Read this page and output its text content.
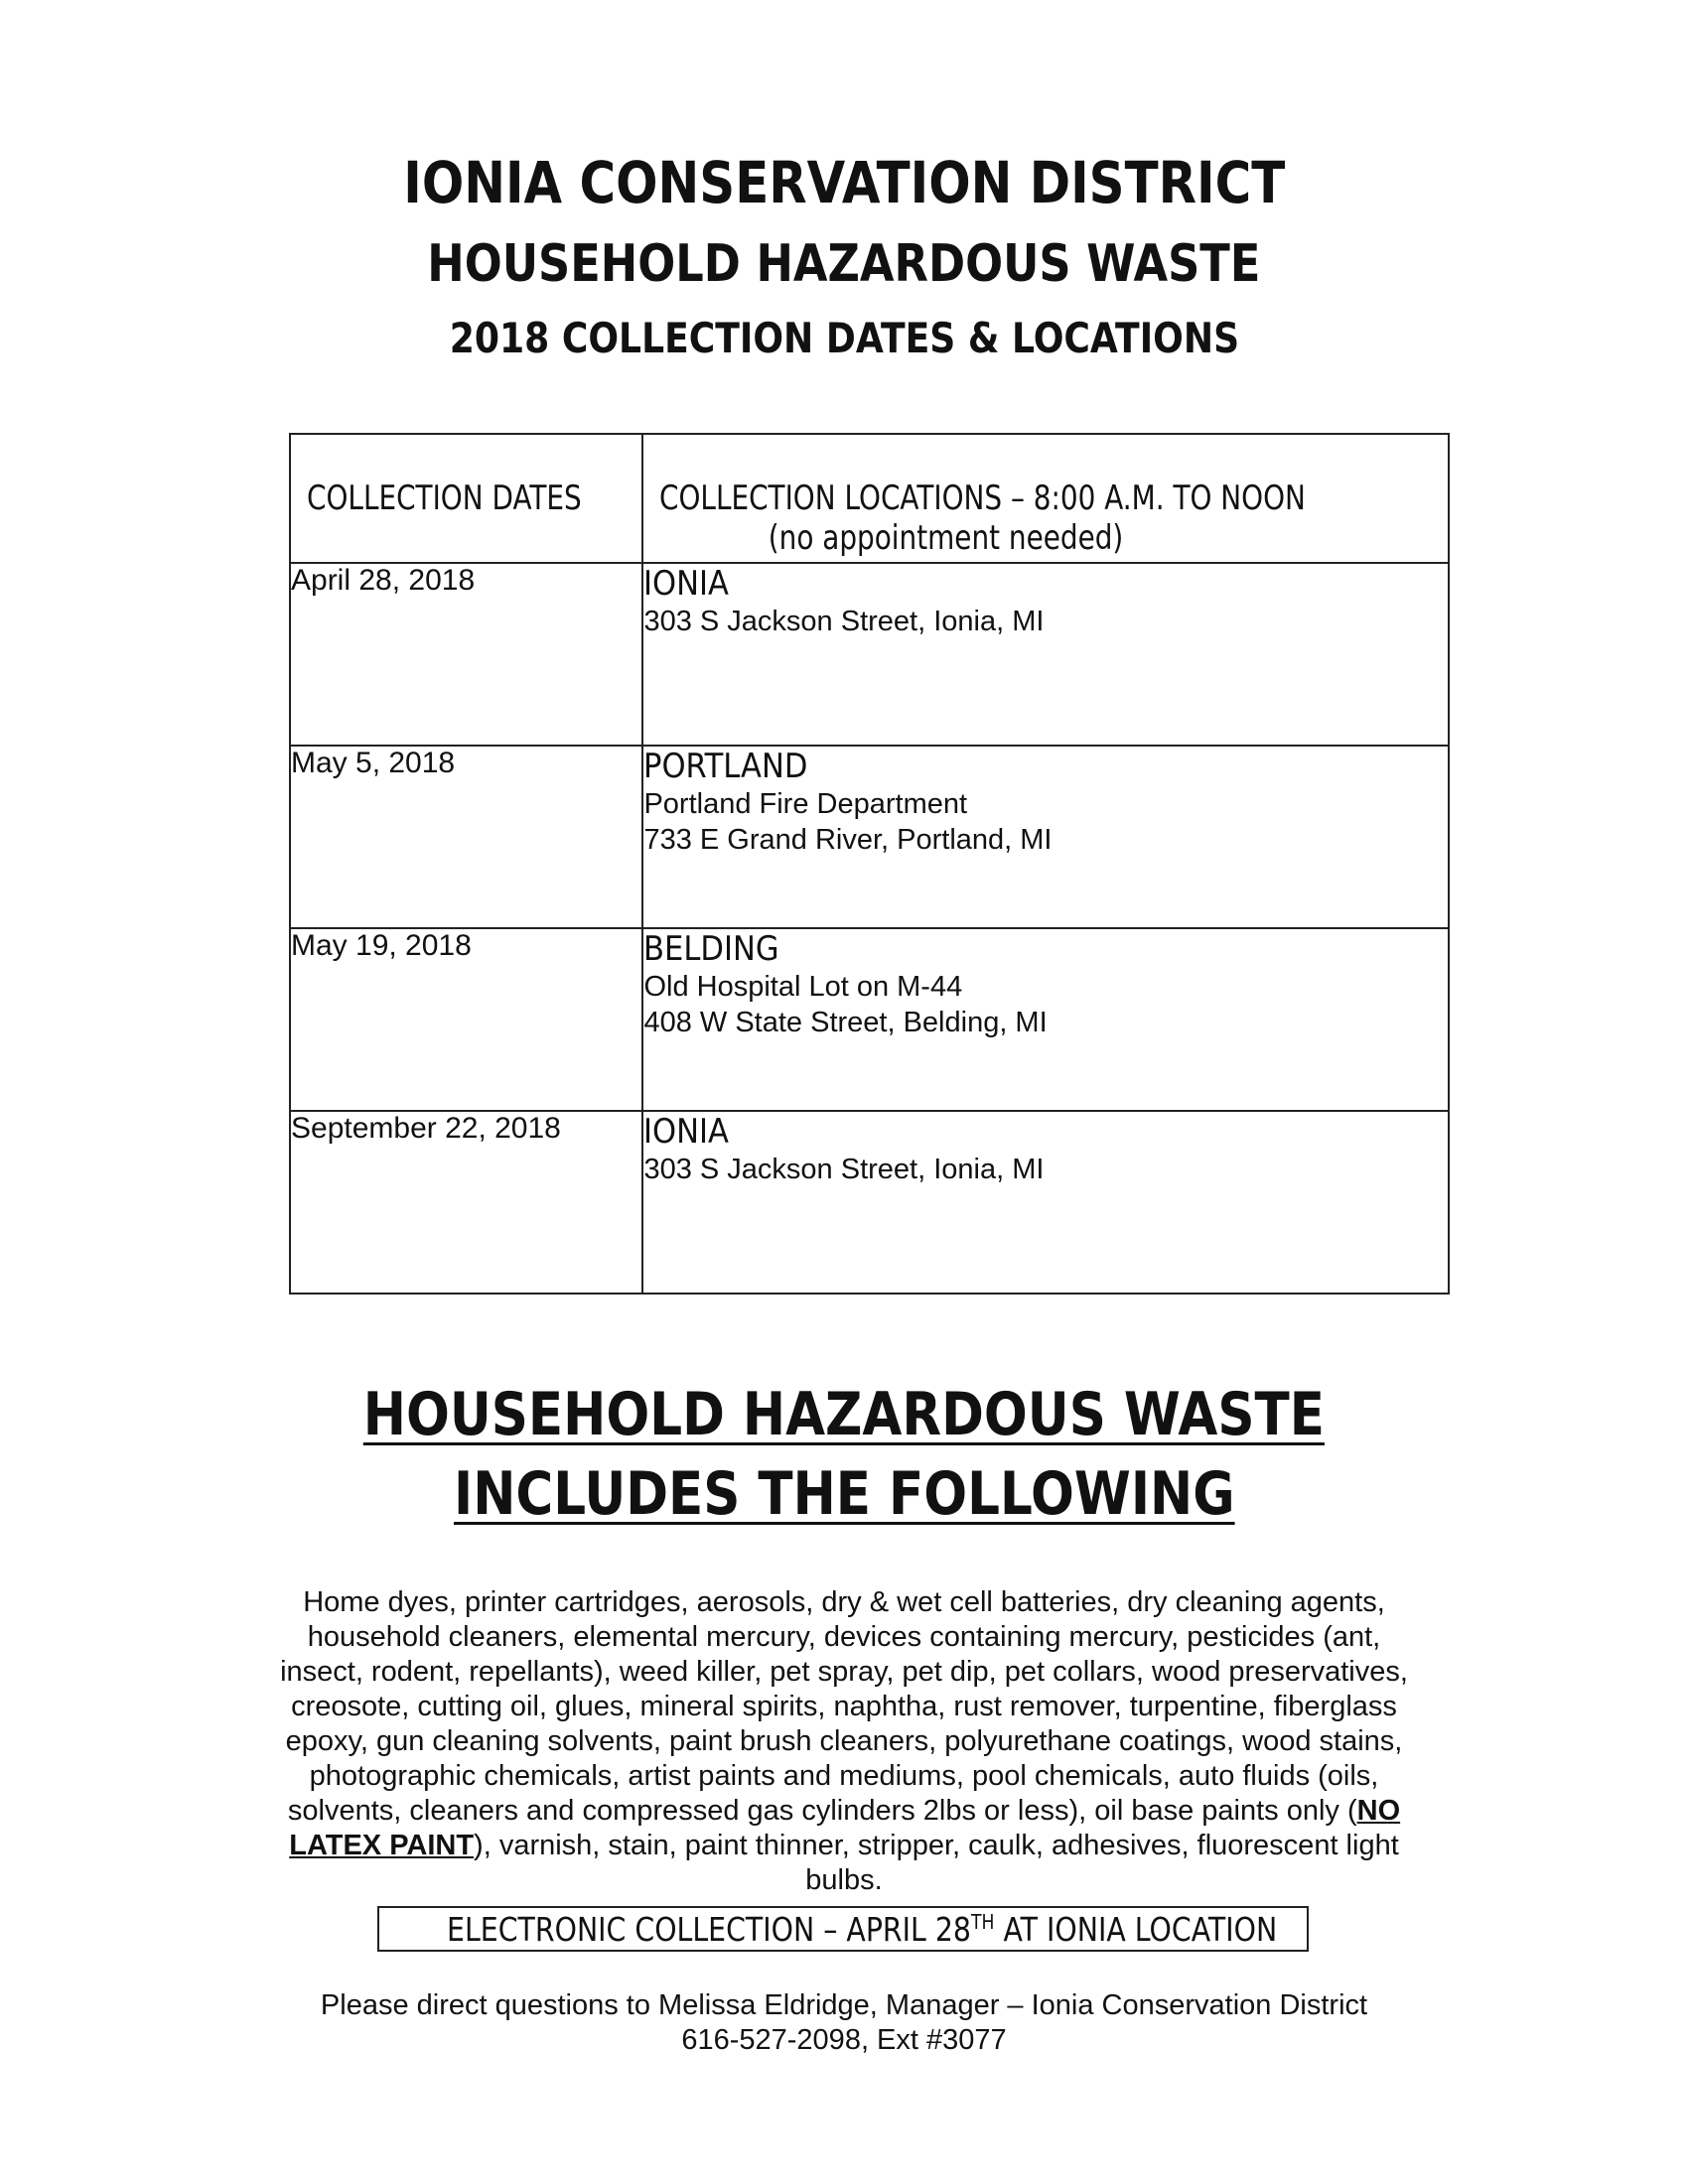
IONIA CONSERVATION DISTRICT
HOUSEHOLD HAZARDOUS WASTE
2018 COLLECTION DATES & LOCATIONS
COLLECTION DATES	COLLECTION LOCATIONS – 8:00 A.M. TO NOON
(no appointment needed)

April 28, 2018	IONIA
303 S Jackson Street, Ionia, MI

May 5, 2018	PORTLAND
Portland Fire Department
733 E Grand River, Portland, MI

May 19, 2018	BELDING
Old Hospital Lot on M-44
408 W State Street, Belding, MI

September 22, 2018	IONIA
303 S Jackson Street, Ionia, MI
HOUSEHOLD HAZARDOUS WASTE
INCLUDES THE FOLLOWING

Home dyes, printer cartridges, aerosols, dry & wet cell batteries, dry cleaning agents, household cleaners, elemental mercury, devices containing mercury, pesticides (ant, insect, rodent, repellants), weed killer, pet spray, pet dip, pet collars, wood preservatives, creosote, cutting oil, glues, mineral spirits, naphtha, rust remover, turpentine, fiberglass epoxy, gun cleaning solvents, paint brush cleaners, polyurethane coatings, wood stains, photographic chemicals, artist paints and mediums, pool chemicals, auto fluids (oils, solvents, cleaners and compressed gas cylinders 2lbs or less), oil base paints only (NO LATEX PAINT), varnish, stain, paint thinner, stripper, caulk, adhesives, fluorescent light bulbs.

ELECTRONIC COLLECTION – APRIL 28TH AT IONIA LOCATION
Please direct questions to Melissa Eldridge, Manager – Ionia Conservation District
616-527-2098, Ext #3077
